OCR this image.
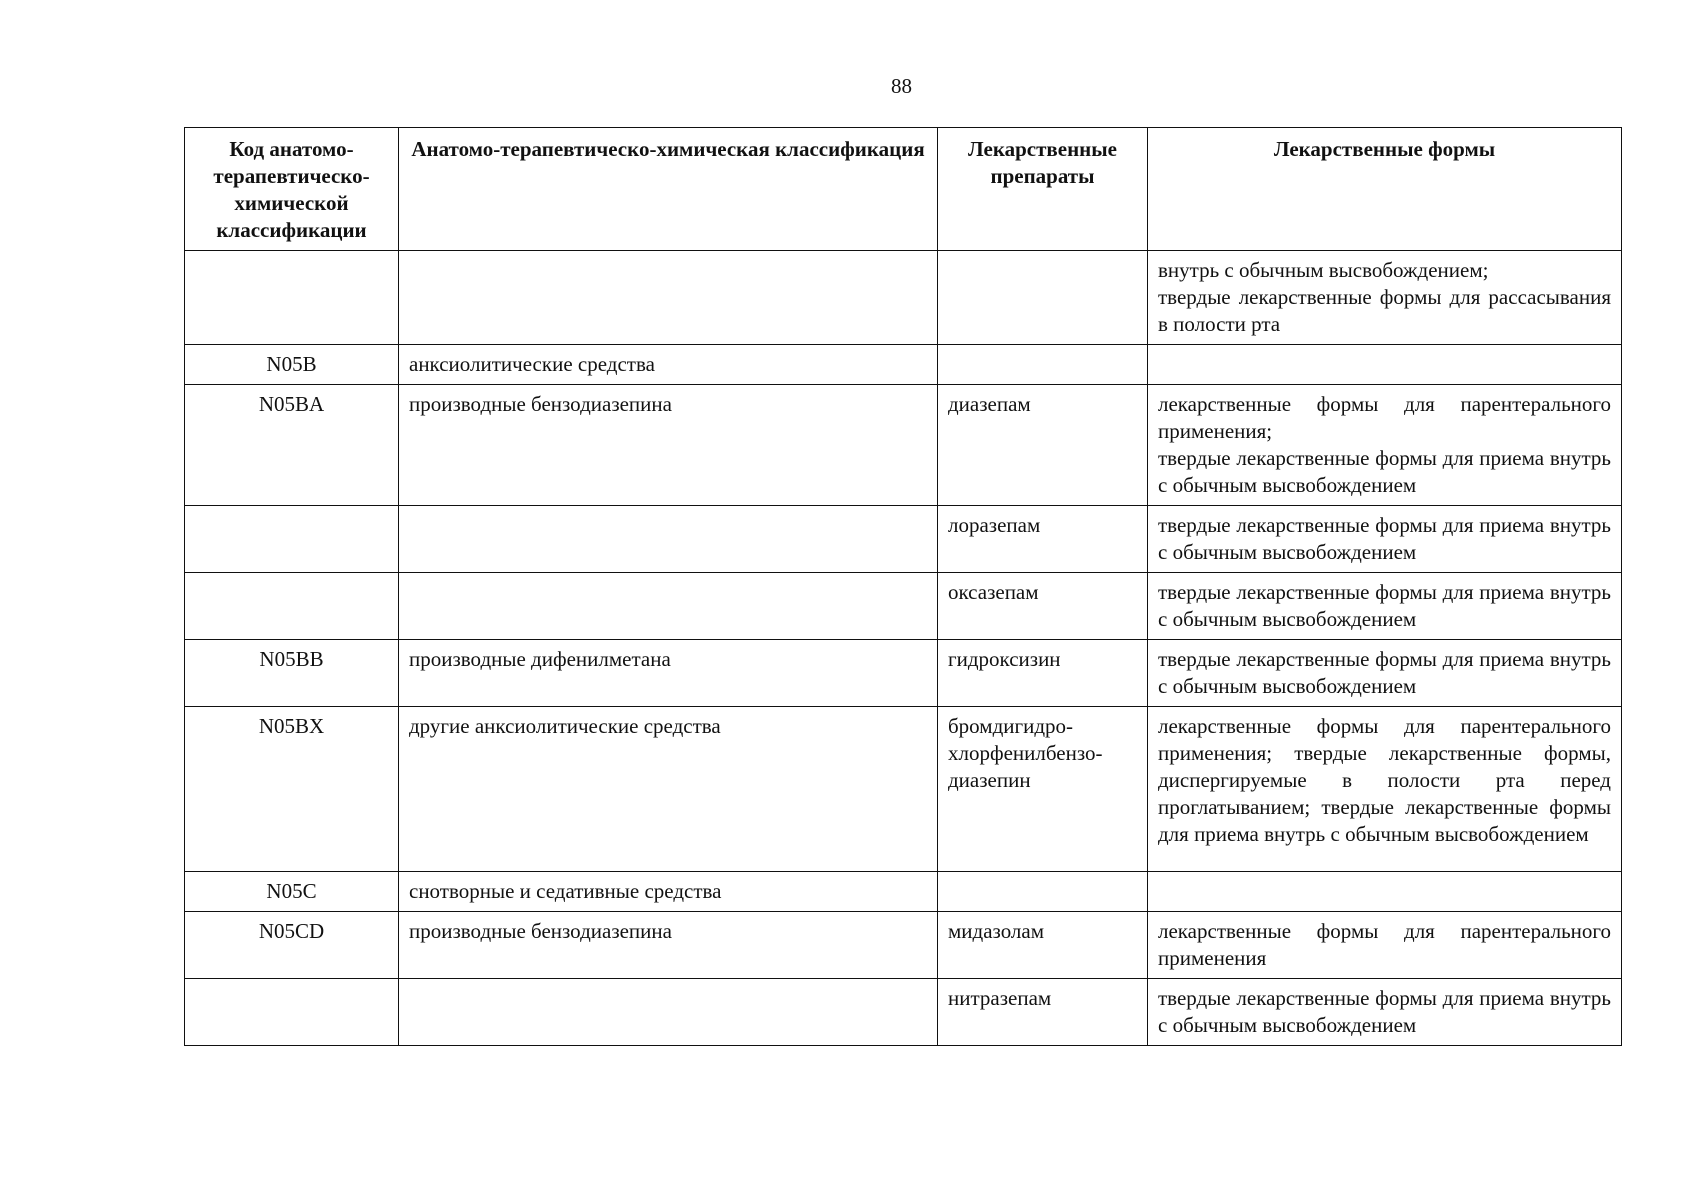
88
Код анатомо-терапевтическо-химической классификации	Анатомо-терапевтическо-химическая классификация	Лекарственные препараты	Лекарственные формы

			внутрь с обычным высвобождением;
твердые лекарственные формы для рассасывания в полости рта

N05B	анксиолитические средства		
N05BA	производные бензодиазепина	диазепам	лекарственные формы для парентерального применения;
твердые лекарственные формы для приема внутрь с обычным высвобождением

		лоразепам	твердые лекарственные формы для приема внутрь с обычным высвобождением

		оксазепам	твердые лекарственные формы для приема внутрь с обычным высвобождением

N05BB	производные дифенилметана	гидроксизин	твердые лекарственные формы для приема внутрь с обычным высвобождением

N05BX	другие анксиолитические средства	бромдигидро-хлорфенилбензо-диазепин	лекарственные формы для парентерального применения; твердые лекарственные формы, диспергируемые в полости рта перед проглатыванием; твердые лекарственные формы для приема внутрь с обычным высвобождением

N05C	снотворные и седативные средства		
N05CD	производные бензодиазепина	мидазолам	лекарственные формы для парентерального применения

		нитразепам	твердые лекарственные формы для приема внутрь с обычным высвобождением
